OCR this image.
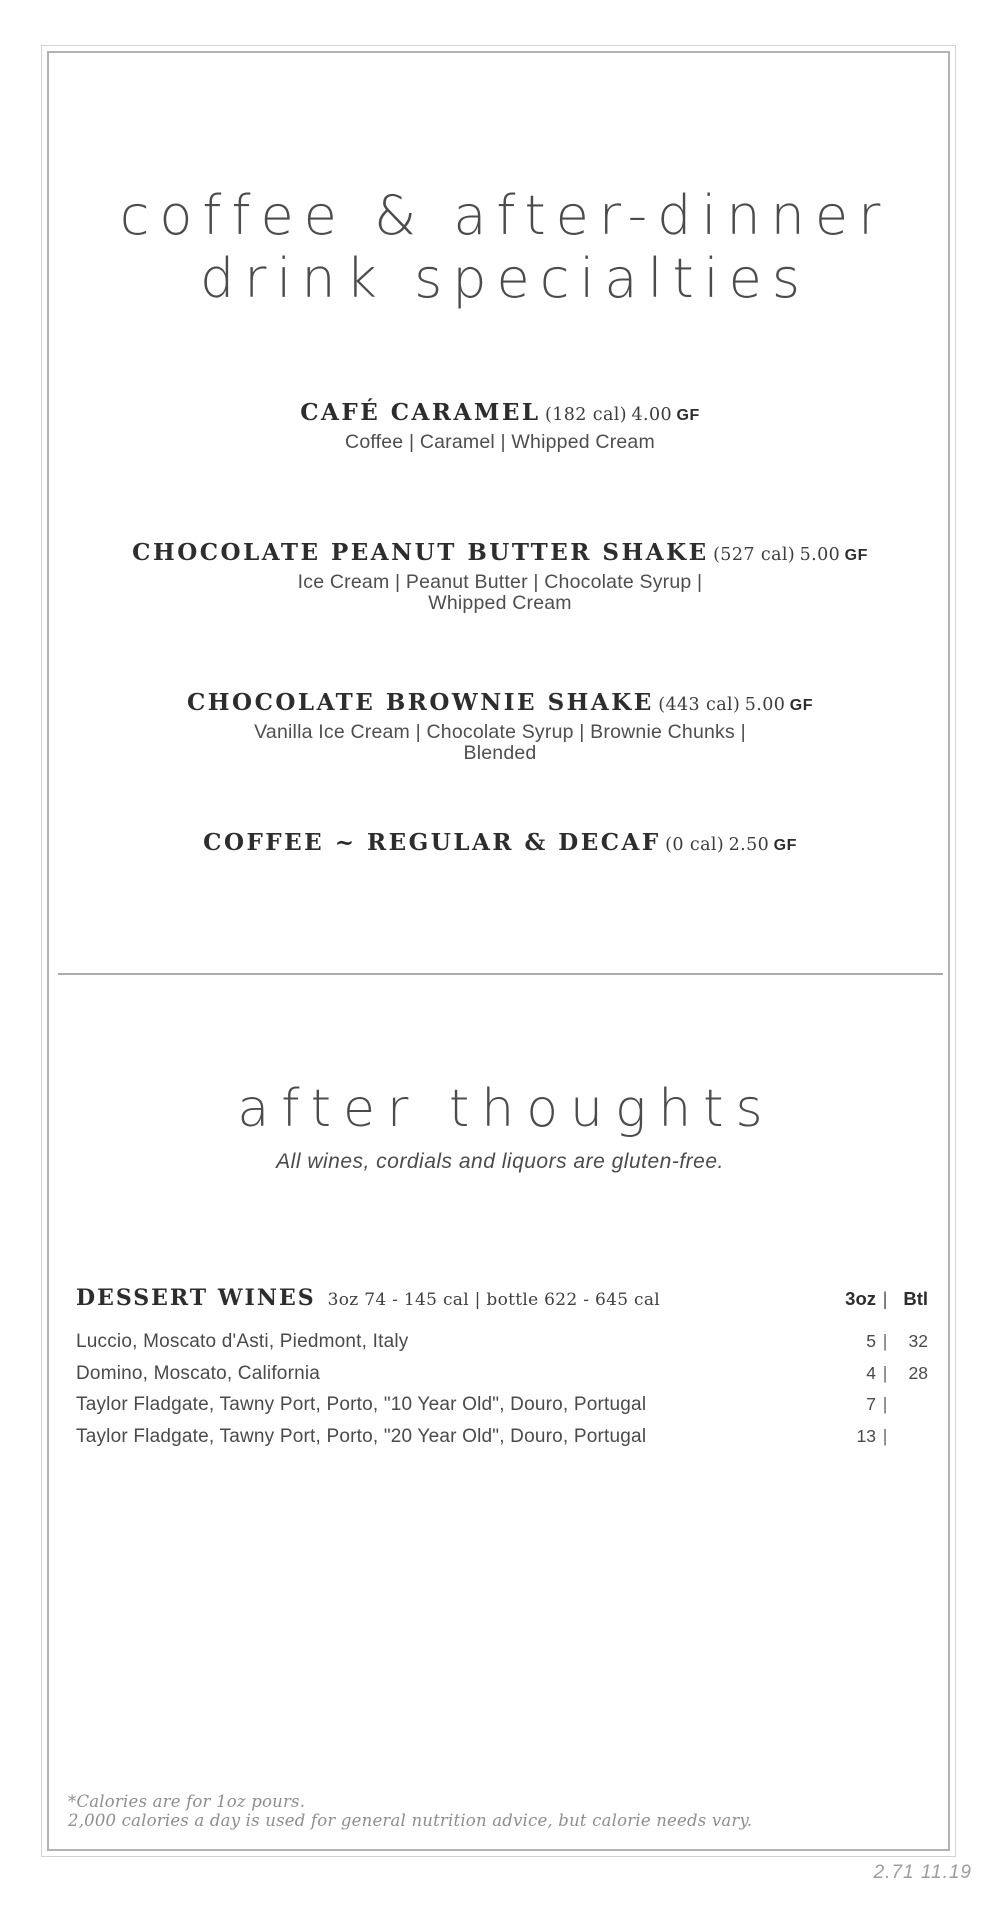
coffee & after-dinner
drink specialties
CAFÉ CARAMEL (182 cal) 4.00 GF
Coffee | Caramel | Whipped Cream
CHOCOLATE PEANUT BUTTER SHAKE (527 cal) 5.00 GF
Ice Cream | Peanut Butter | Chocolate Syrup |
Whipped Cream
CHOCOLATE BROWNIE SHAKE (443 cal) 5.00 GF
Vanilla Ice Cream | Chocolate Syrup | Brownie Chunks |
Blended
COFFEE ~ REGULAR & DECAF (0 cal) 2.50 GF
after thoughts
All wines, cordials and liquors are gluten-free.
DESSERT WINES 3oz 74 - 145 cal | bottle 622 - 645 cal	3oz | Btl
Luccio, Moscato d'Asti, Piedmont, Italy	5 |	32
Domino, Moscato, California	4 |	28
Taylor Fladgate, Tawny Port, Porto, "10 Year Old", Douro, Portugal	7 |
Taylor Fladgate, Tawny Port, Porto, "20 Year Old", Douro, Portugal	13 |
*Calories are for 1oz pours.
2,000 calories a day is used for general nutrition advice, but calorie needs vary.
2.71 11.19
